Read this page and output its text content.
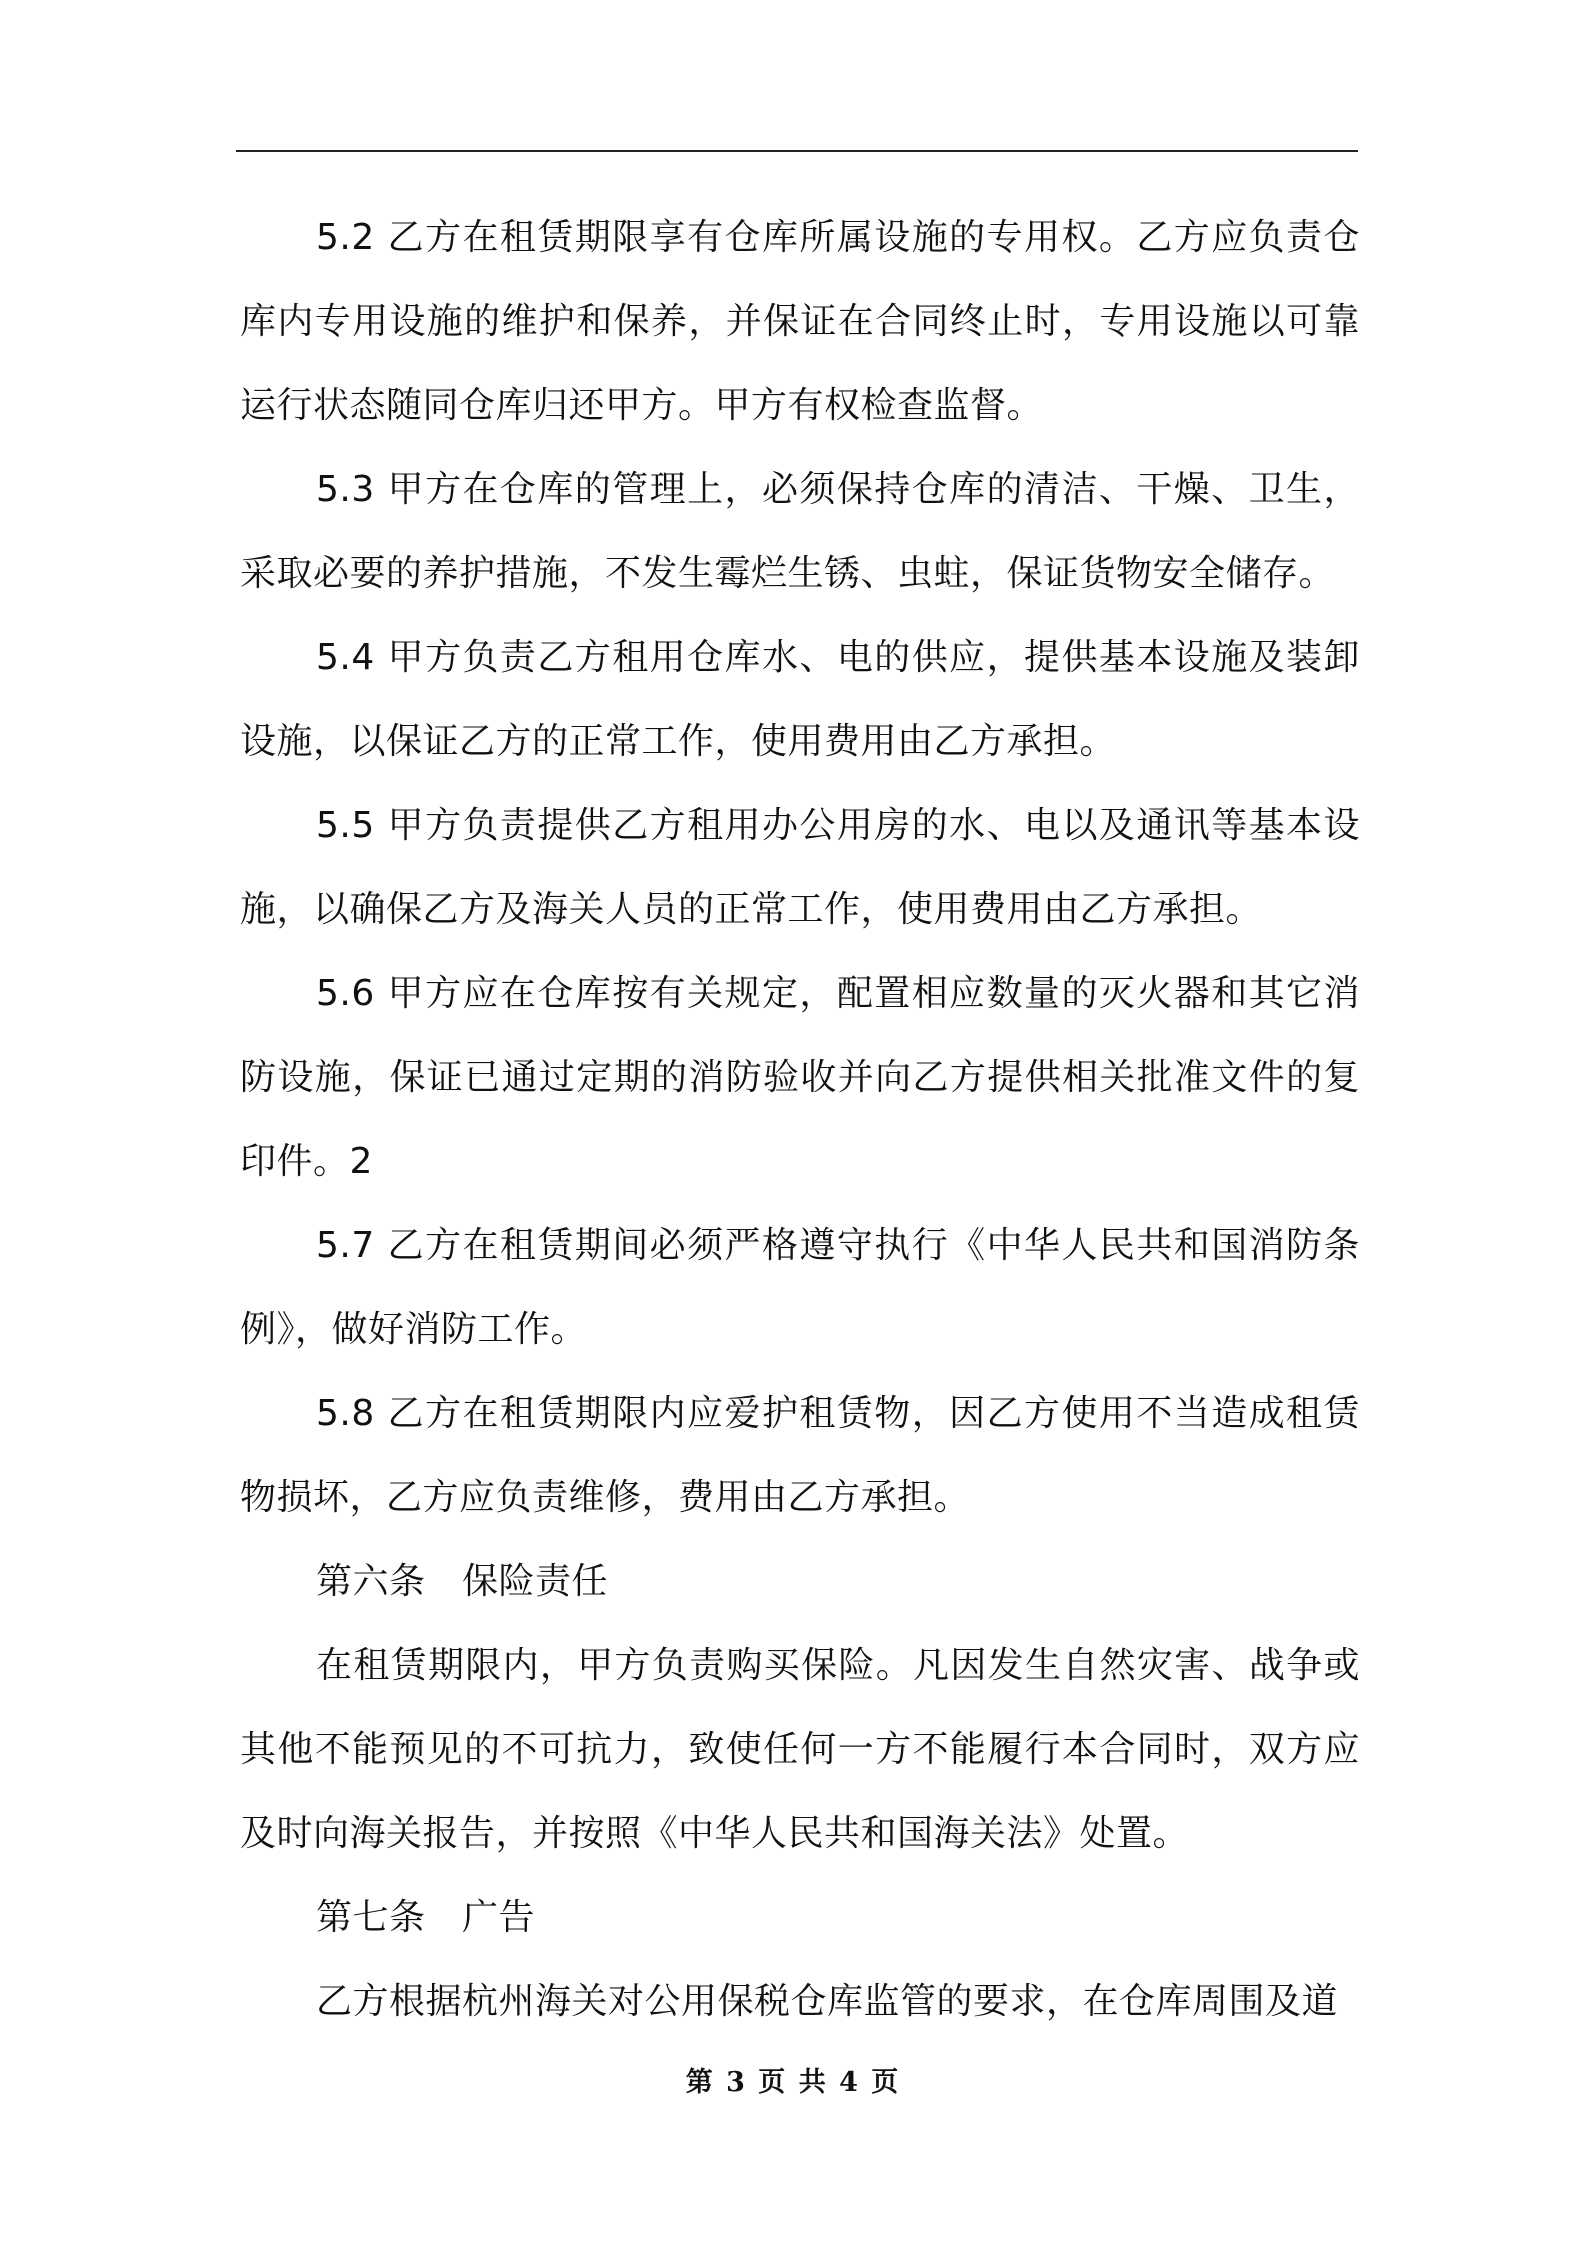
5.2 乙方在租赁期限享有仓库所属设施的专用权。乙方应负责仓库内专用设施的维护和保养，并保证在合同终止时，专用设施以可靠运行状态随同仓库归还甲方。甲方有权检查监督。

5.3 甲方在仓库的管理上，必须保持仓库的清洁、干燥、卫生，采取必要的养护措施，不发生霉烂生锈、虫蛀，保证货物安全储存。

5.4 甲方负责乙方租用仓库水、电的供应，提供基本设施及装卸设施，以保证乙方的正常工作，使用费用由乙方承担。

5.5 甲方负责提供乙方租用办公用房的水、电以及通讯等基本设施，以确保乙方及海关人员的正常工作，使用费用由乙方承担。

5.6 甲方应在仓库按有关规定，配置相应数量的灭火器和其它消防设施，保证已通过定期的消防验收并向乙方提供相关批准文件的复印件。2

5.7 乙方在租赁期间必须严格遵守执行《中华人民共和国消防条例》，做好消防工作。

5.8 乙方在租赁期限内应爱护租赁物，因乙方使用不当造成租赁物损坏，乙方应负责维修，费用由乙方承担。

第六条　保险责任

在租赁期限内，甲方负责购买保险。凡因发生自然灾害、战争或其他不能预见的不可抗力，致使任何一方不能履行本合同时，双方应及时向海关报告，并按照《中华人民共和国海关法》处置。

第七条　广告

乙方根据杭州海关对公用保税仓库监管的要求，在仓库周围及道

第 3 页 共 4 页
